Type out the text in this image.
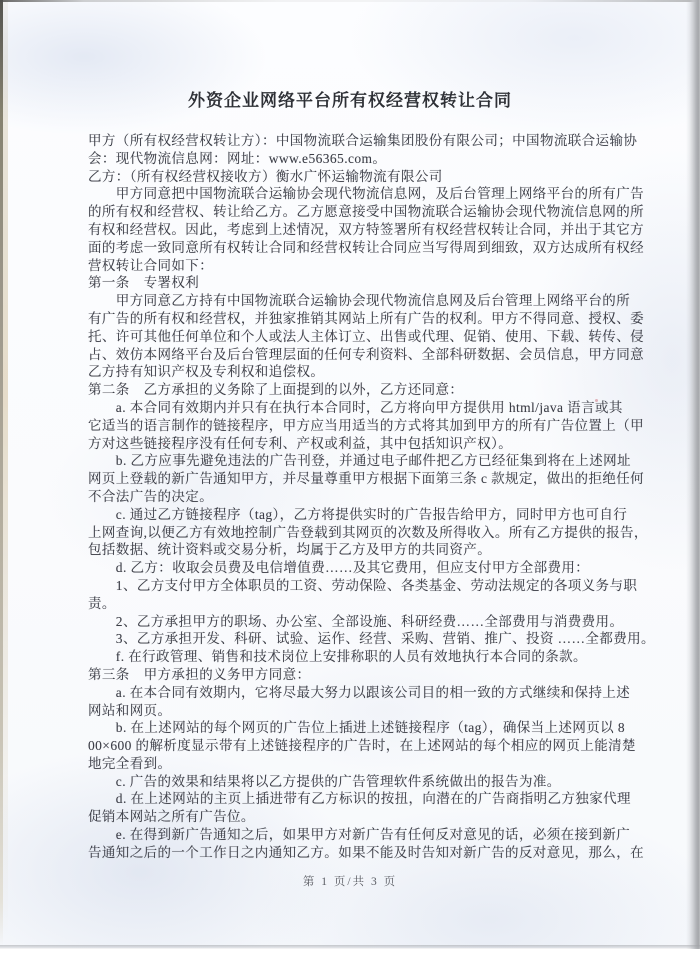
外资企业网络平台所有权经营权转让合同
甲方（所有权经营权转让方）：中国物流联合运输集团股份有限公司；中国物流联合运输协
会：现代物流信息网：网址：www.e56365.com。
乙方：（所有权经营权接收方）衡水广怀运输物流有限公司
　　甲方同意把中国物流联合运输协会现代物流信息网，及后台管理上网络平台的所有广告
的所有权和经营权、转让给乙方。乙方愿意接受中国物流联合运输协会现代物流信息网的所
有权和经营权。因此，考虑到上述情况，双方特签署所有权经营权转让合同，并出于其它方
面的考虑一致同意所有权转让合同和经营权转让合同应当写得周到细致，双方达成所有权经
营权转让合同如下：
第一条　专署权利
　　甲方同意乙方持有中国物流联合运输协会现代物流信息网及后台管理上网络平台的所
有广告的所有权和经营权，并独家推销其网站上所有广告的权利。甲方不得同意、授权、委
托、许可其他任何单位和个人或法人主体订立、出售或代理、促销、使用、下载、转传、侵
占、效仿本网络平台及后台管理层面的任何专利资料、全部科研数据、会员信息，甲方同意
乙方持有知识产权及专利权和追偿权。
第二条　乙方承担的义务除了上面提到的以外，乙方还同意：
　　a. 本合同有效期内并只有在执行本合同时，乙方将向甲方提供用 html/java 语言或其
它适当的语言制作的链接程序，甲方应当用适当的方式将其加到甲方的所有广告位置上（甲
方对这些链接程序没有任何专利、产权或利益，其中包括知识产权）。
　　b. 乙方应事先避免违法的广告刊登，并通过电子邮件把乙方已经征集到将在上述网址
网页上登载的新广告通知甲方，并尽量尊重甲方根据下面第三条 c 款规定，做出的拒绝任何
不合法广告的决定。
　　c. 通过乙方链接程序（tag），乙方将提供实时的广告报告给甲方，同时甲方也可自行
上网查询,以便乙方有效地控制广告登载到其网页的次数及所得收入。所有乙方提供的报告，
包括数据、统计资料或交易分析，均属于乙方及甲方的共同资产。
　　d. 乙方：收取会员费及电信增值费……及其它费用，但应支付甲方全部费用：
　　1、乙方支付甲方全体职员的工资、劳动保险、各类基金、劳动法规定的各项义务与职
责。
　　2、乙方承担甲方的职场、办公室、全部设施、科研经费……全部费用与消费费用。
　　3、乙方承担开发、科研、试验、运作、经营、采购、营销、推广、投资 ……全都费用。
　　f. 在行政管理、销售和技术岗位上安排称职的人员有效地执行本合同的条款。
第三条　甲方承担的义务甲方同意：
　　a. 在本合同有效期内，它将尽最大努力以跟该公司目的相一致的方式继续和保持上述
网站和网页。
　　b. 在上述网站的每个网页的广告位上插进上述链接程序（tag），确保当上述网页以 8
00×600 的解析度显示带有上述链接程序的广告时，在上述网站的每个相应的网页上能清楚
地完全看到。
　　c. 广告的效果和结果将以乙方提供的广告管理软件系统做出的报告为准。
　　d. 在上述网站的主页上插进带有乙方标识的按扭，向潜在的广告商指明乙方独家代理
促销本网站之所有广告位。
　　e. 在得到新广告通知之后，如果甲方对新广告有任何反对意见的话，必须在接到新广
告通知之后的一个工作日之内通知乙方。如果不能及时告知对新广告的反对意见，那么，在
第 1 页/共 3 页
